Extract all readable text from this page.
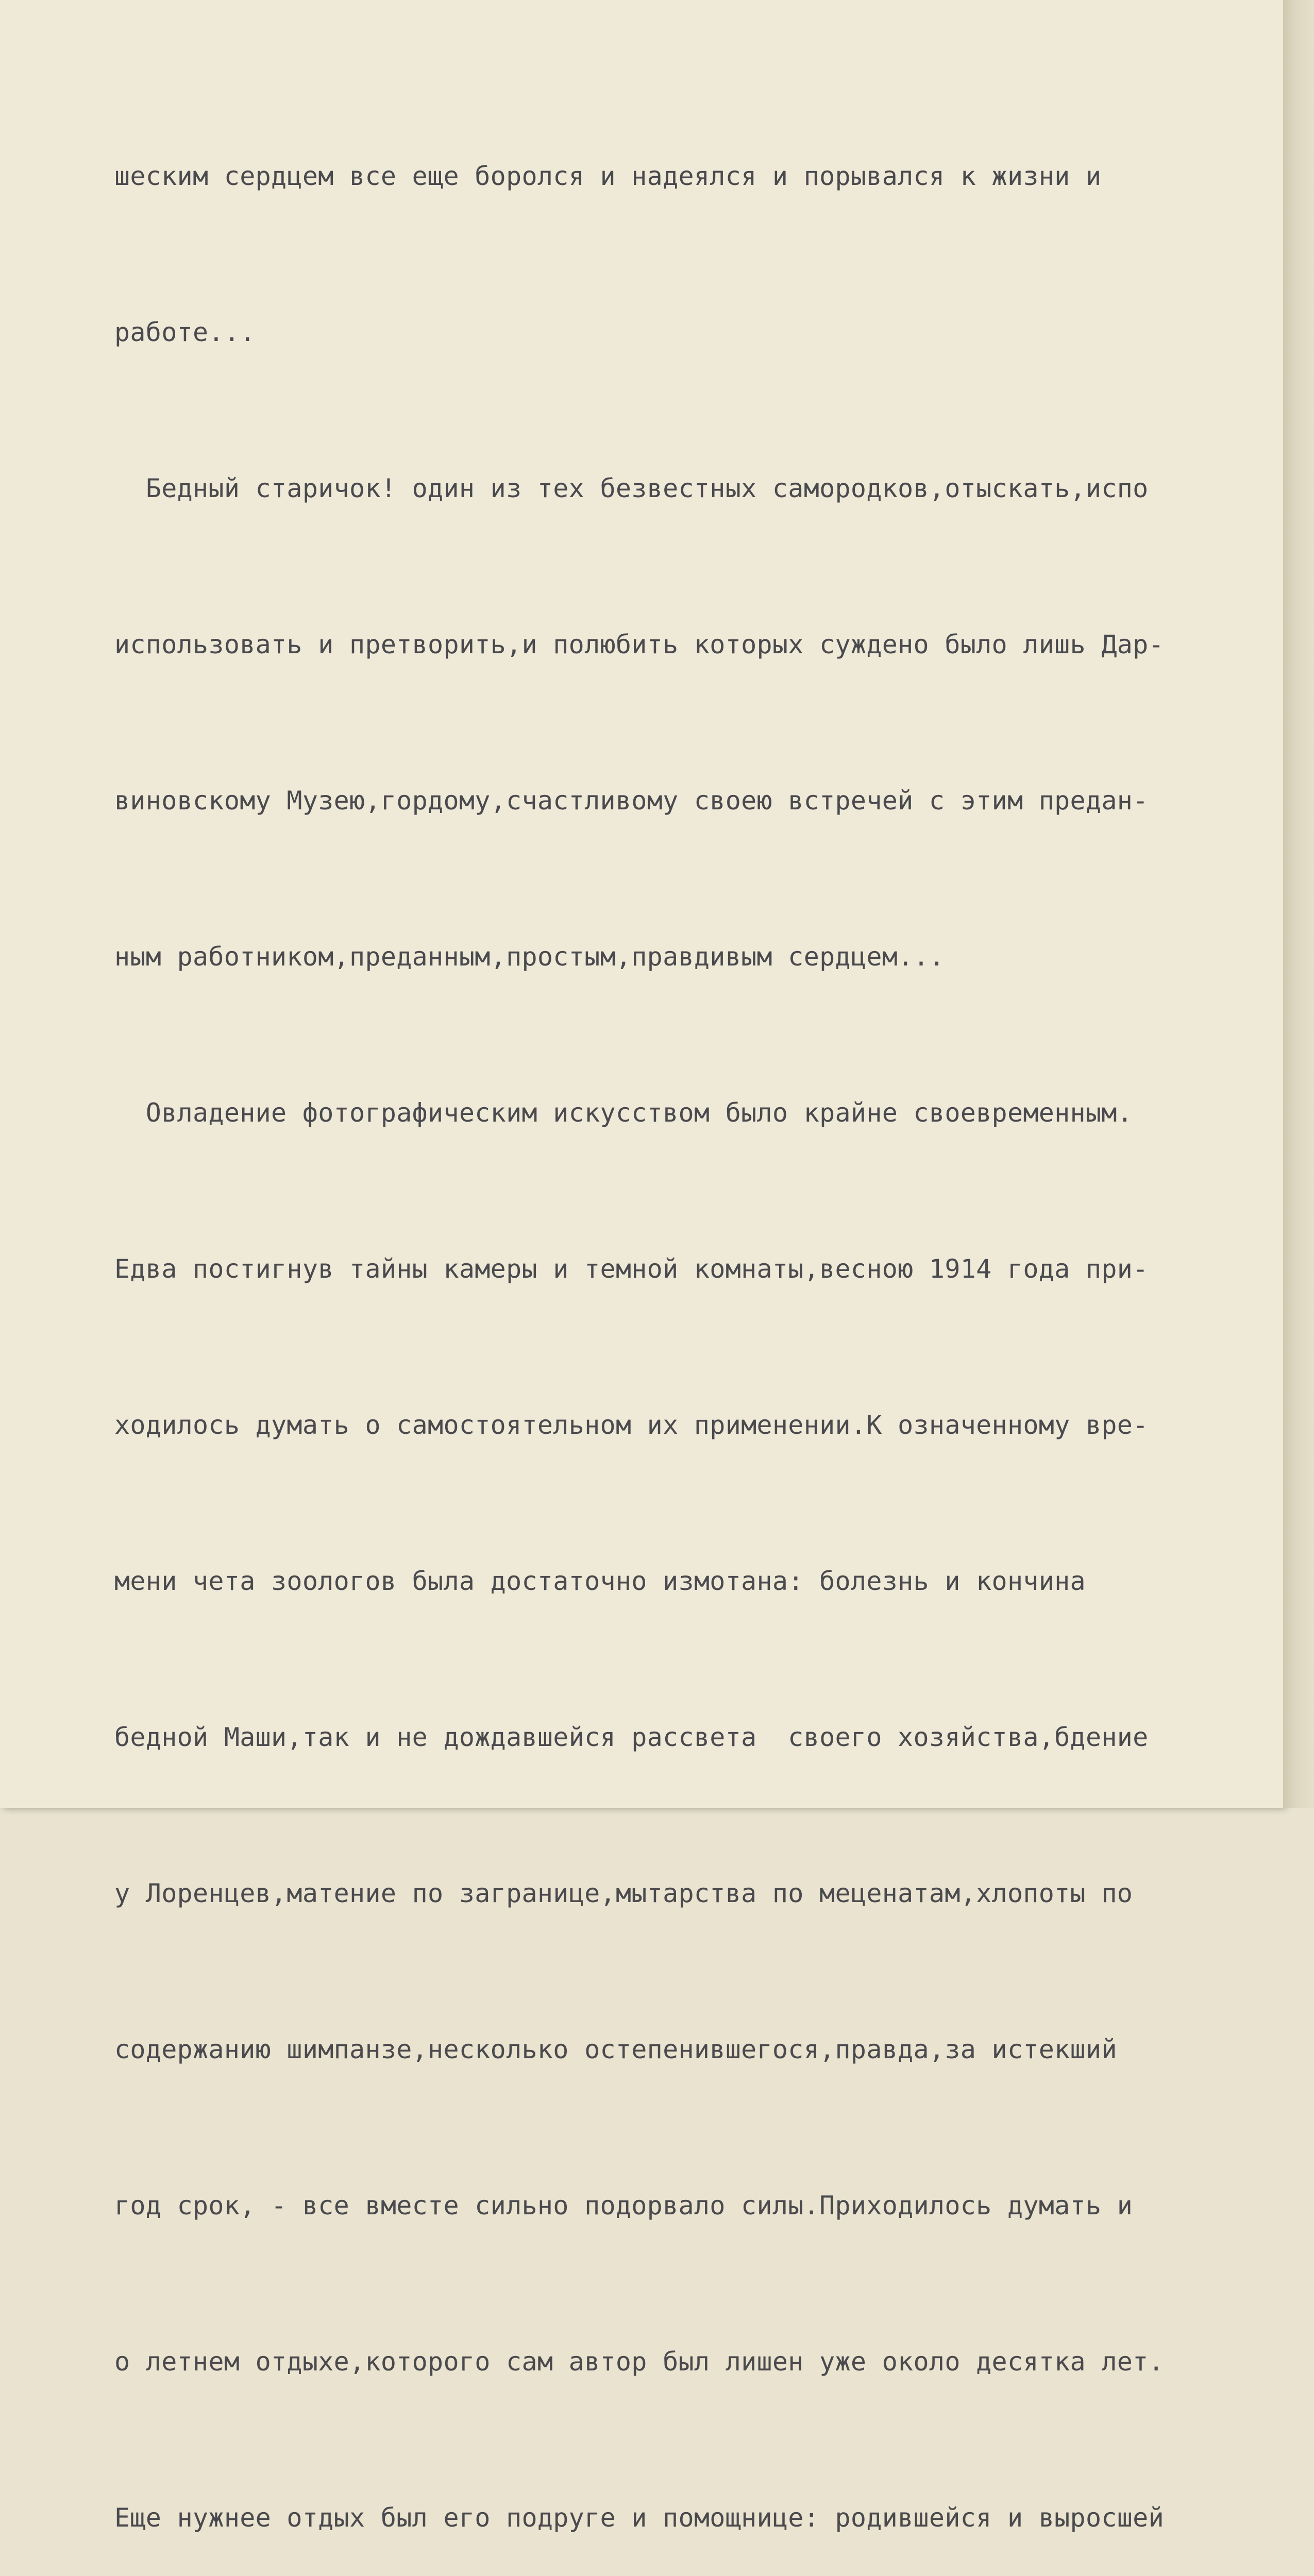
шеским сердцем все еще боролся и надеялся и порывался к жизни и

работе...

Бедный старичок! один из тех безвестных самородков,отыскать,испо

использовать и претворить,и полюбить которых суждено было лишь Дар-

виновскому Музею,гордому,счастливому своею встречей с этим предан-

ным работником,преданным,простым,правдивым сердцем...

Овладение фотографическим искусством было крайне своевременным.

Едва постигнув тайны камеры и темной комнаты,весною 1914 года при-

ходилось думать о самостоятельном их применении.К означенному вре-

мени чета зоологов была достаточно измотана: болезнь и кончина

бедной Маши,так и не дождавшейся рассвета  своего хозяйства,бдение

у Лоренцев,матение по загранице,мытарства по меценатам,хлопоты по

содержанию шимпанзе,несколько остепенившегося,правда,за истекший

год срок, - все вместе сильно подорвало силы.Приходилось думать и

о летнем отдыхе,которого сам автор был лишен уже около десятка лет.

Еще нужнее отдых был его подруге и помощнице: родившейся и выросшей
